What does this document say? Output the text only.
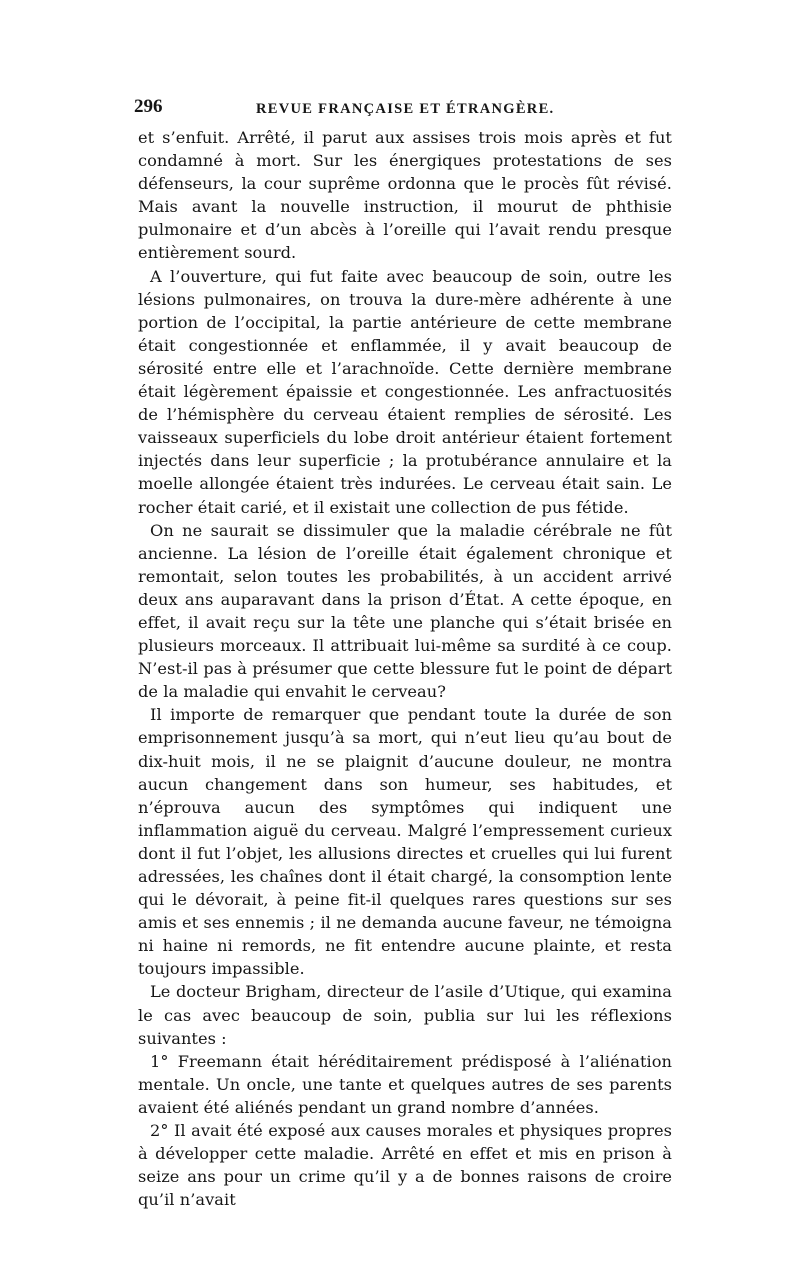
296	REVUE FRANÇAISE ET ÉTRANGÈRE.

et s’enfuit. Arrêté, il parut aux assises trois mois après et fut condamné à mort. Sur les énergiques protestations de ses défenseurs, la cour suprême ordonna que le procès fût révisé. Mais avant la nouvelle instruction, il mourut de phthisie pulmonaire et d’un abcès à l’oreille qui l’avait rendu presque entièrement sourd.

A l’ouverture, qui fut faite avec beaucoup de soin, outre les lésions pulmonaires, on trouva la dure-mère adhérente à une portion de l’occipital, la partie antérieure de cette membrane était congestionnée et enflammée, il y avait beaucoup de sérosité entre elle et l’arachnoïde. Cette dernière membrane était légèrement épaissie et congestionnée. Les anfractuosités de l’hémisphère du cerveau étaient remplies de sérosité. Les vaisseaux superficiels du lobe droit antérieur étaient fortement injectés dans leur superficie ; la protubérance annulaire et la moelle allongée étaient très indurées. Le cerveau était sain. Le rocher était carié, et il existait une collection de pus fétide.

On ne saurait se dissimuler que la maladie cérébrale ne fût ancienne. La lésion de l’oreille était également chronique et remontait, selon toutes les probabilités, à un accident arrivé deux ans auparavant dans la prison d’État. A cette époque, en effet, il avait reçu sur la tête une planche qui s’était brisée en plusieurs morceaux. Il attribuait lui-même sa surdité à ce coup. N’est-il pas à présumer que cette blessure fut le point de départ de la maladie qui envahit le cerveau?

Il importe de remarquer que pendant toute la durée de son emprisonnement jusqu’à sa mort, qui n’eut lieu qu’au bout de dix-huit mois, il ne se plaignit d’aucune douleur, ne montra aucun changement dans son humeur, ses habitudes, et n’éprouva aucun des symptômes qui indiquent une inflammation aiguë du cerveau. Malgré l’empressement curieux dont il fut l’objet, les allusions directes et cruelles qui lui furent adressées, les chaînes dont il était chargé, la consomption lente qui le dévorait, à peine fit-il quelques rares questions sur ses amis et ses ennemis ; il ne demanda aucune faveur, ne témoigna ni haine ni remords, ne fit entendre aucune plainte, et resta toujours impassible.

Le docteur Brigham, directeur de l’asile d’Utique, qui examina le cas avec beaucoup de soin, publia sur lui les réflexions suivantes :

1° Freemann était héréditairement prédisposé à l’aliénation mentale. Un oncle, une tante et quelques autres de ses parents avaient été aliénés pendant un grand nombre d’années.

2° Il avait été exposé aux causes morales et physiques propres à développer cette maladie. Arrêté en effet et mis en prison à seize ans pour un crime qu’il y a de bonnes raisons de croire qu’il n’avait
